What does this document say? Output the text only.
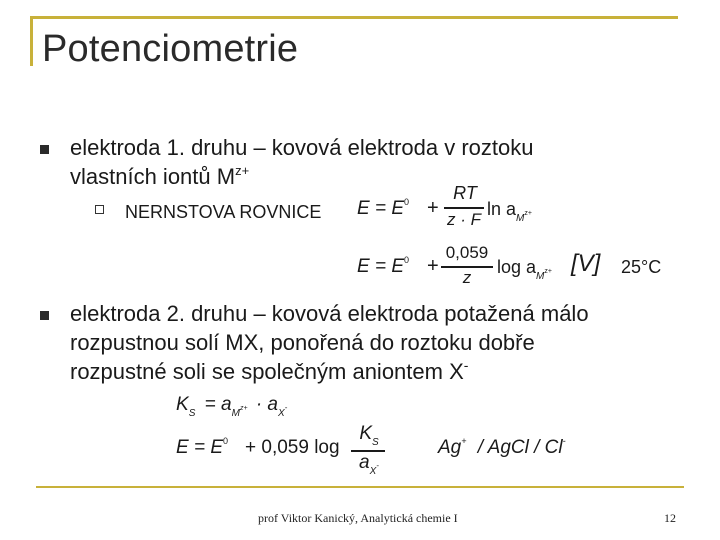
Potenciometrie
elektroda 1. druhu – kovová elektroda v roztoku
vlastních iontů $M^{z+}$
NERNSTOVA ROVNICE $E = E^0$ +
RT
z · F
$\ln a_Mz+$
$E = E^0$ +
0,059
z
$\log a_Mz+ [V]$ 25°C
elektroda 2. druhu – kovová elektroda potažená málo
rozpustnou solí MX, ponořená do roztoku dobře
rozpustné soli se společným aniontem X-
$K_S = a_Mz+ \cdot a_X-$
$E = E^0 + 0,059$ log
$K_S$
$a_X-$
Ag+ / AgCl / Cl-
prof Viktor Kanický, Analytická chemie I	12
